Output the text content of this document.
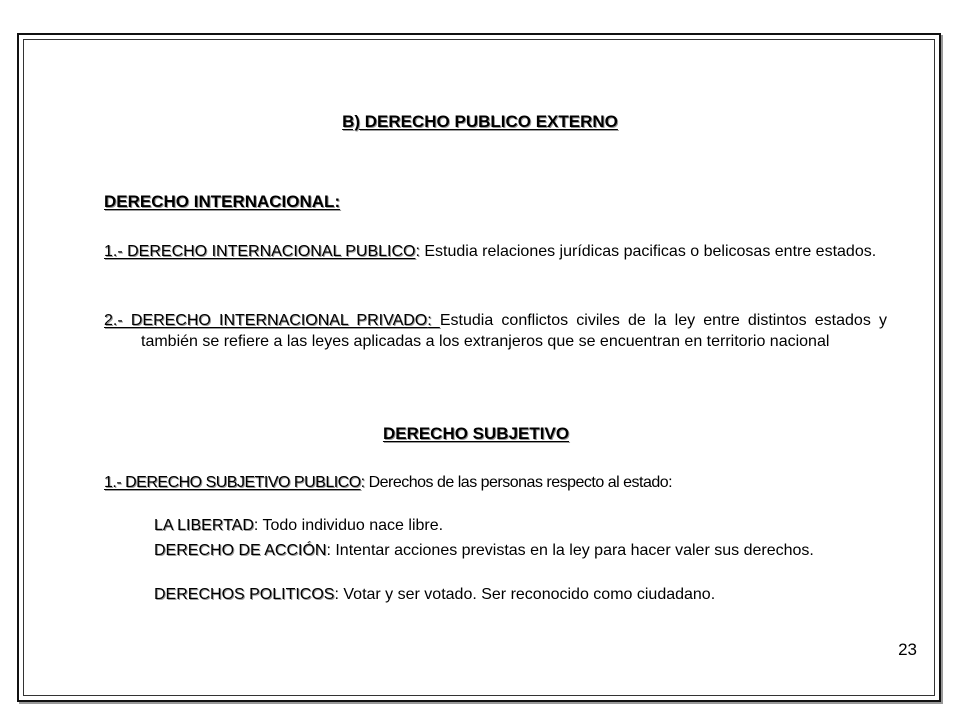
B) DERECHO PUBLICO EXTERNO
DERECHO INTERNACIONAL:
1.- DERECHO INTERNACIONAL PUBLICO: Estudia relaciones jurídicas pacificas o belicosas entre estados.
2.- DERECHO INTERNACIONAL PRIVADO: Estudia conflictos civiles de la ley entre distintos estados y también se refiere a las leyes aplicadas a los extranjeros que se encuentran en territorio nacional
DERECHO SUBJETIVO
1.- DERECHO SUBJETIVO PUBLICO: Derechos de las personas respecto al estado:
LA LIBERTAD: Todo individuo nace libre.
DERECHO DE ACCIÓN: Intentar acciones previstas en la ley para hacer valer sus derechos.
DERECHOS POLITICOS: Votar y ser votado. Ser reconocido como ciudadano.
23
